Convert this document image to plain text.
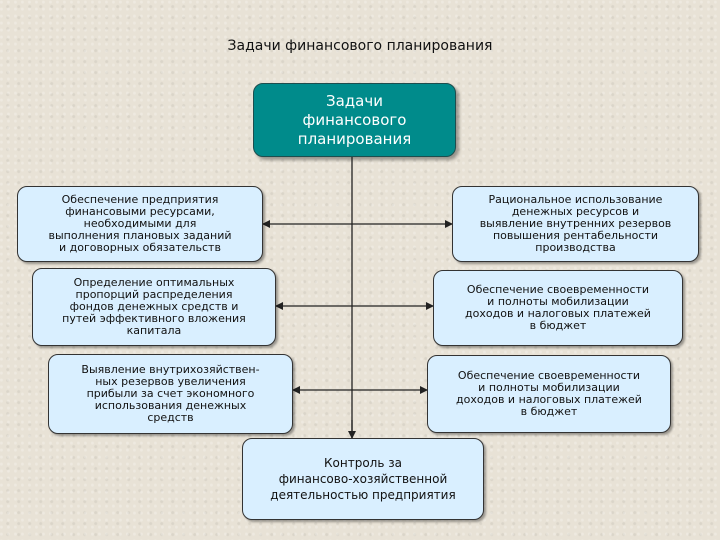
Задачи финансового планирования
Задачи
финансового
планирования
Обеспечение предприятия
финансовыми ресурсами,
необходимыми для
выполнения плановых заданий
и договорных обязательств
Определение оптимальных
пропорций распределения
фондов денежных средств и
путей эффективного вложения
капитала
Выявление внутрихозяйствен-
ных резервов увеличения
прибыли за счет экономного
использования денежных
средств
Рациональное использование
денежных ресурсов и
выявление внутренних резервов
повышения рентабельности
производства
Обеспечение своевременности
и полноты мобилизации
доходов и налоговых платежей
в бюджет
Обеспечение своевременности
и полноты мобилизации
доходов и налоговых платежей
в бюджет
Контроль за
финансово-хозяйственной
деятельностью предприятия
